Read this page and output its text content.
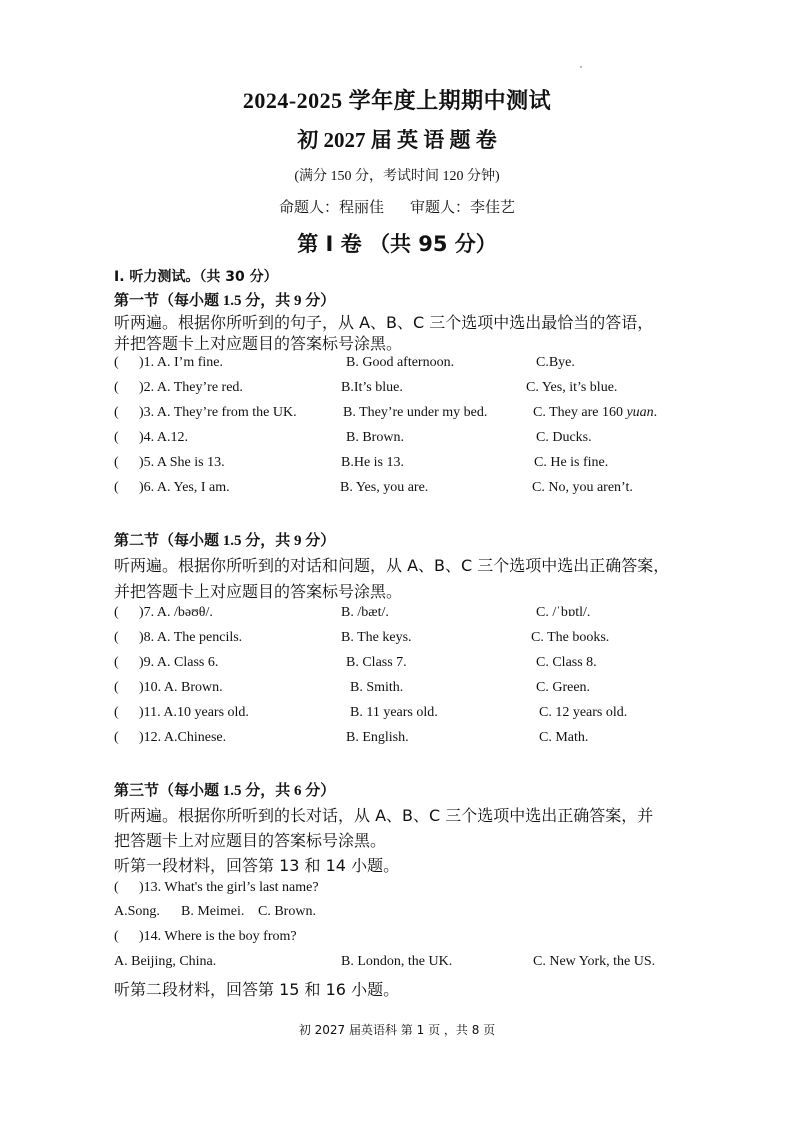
2024-2025 学年度上期期中测试
初 2027 届 英 语 题 卷
(满分 150 分，考试时间 120 分钟)
命题人：程丽佳 审题人：李佳艺
第 I 卷 （共 95 分）
Ⅰ. 听力测试。（共 30 分）
第一节（每小题 1.5 分，共 9 分）
听两遍。根据你所听到的句子，从 A、B、C 三个选项中选出最恰当的答语，
并把答题卡上对应题目的答案标号涂黑。
( )1. A. I’m fine.	B. Good afternoon.	C.Bye.
( )2. A. They’re red.	B.It’s blue.	C. Yes, it’s blue.
( )3. A. They’re from the UK.	B. They’re under my bed.	C. They are 160 yuan.
( )4. A.12.	B. Brown.	C. Ducks.
( )5. A She is 13.	B.He is 13.	C. He is fine.
( )6. A. Yes, I am.	B. Yes, you are.	C. No, you aren’t.
第二节（每小题 1.5 分，共 9 分）
听两遍。根据你所听到的对话和问题，从 A、B、C 三个选项中选出正确答案，
并把答题卡上对应题目的答案标号涂黑。
( )7. A. /bəʊθ/.	B. /bæt/.	C. /ˈbɒtl/.
( )8. A. The pencils.	B. The keys.	C. The books.
( )9. A. Class 6.	B. Class 7.	C. Class 8.
( )10. A. Brown.	B. Smith.	C. Green.
( )11. A.10 years old.	B. 11 years old.	C. 12 years old.
( )12. A.Chinese.	B. English.	C. Math.
第三节（每小题 1.5 分，共 6 分）
听两遍。根据你所听到的长对话，从 A、B、C 三个选项中选出正确答案，并
把答题卡上对应题目的答案标号涂黑。
听第一段材料，回答第 13 和 14 小题。
( )13. What's the girl’s last name?
A.Song. B. Meimei. C. Brown.
( )14. Where is the boy from?
A. Beijing, China.	B. London, the UK.	C. New York, the US.
听第二段材料，回答第 15 和 16 小题。
初 2027 届英语科 第 1 页 ，共 8 页
